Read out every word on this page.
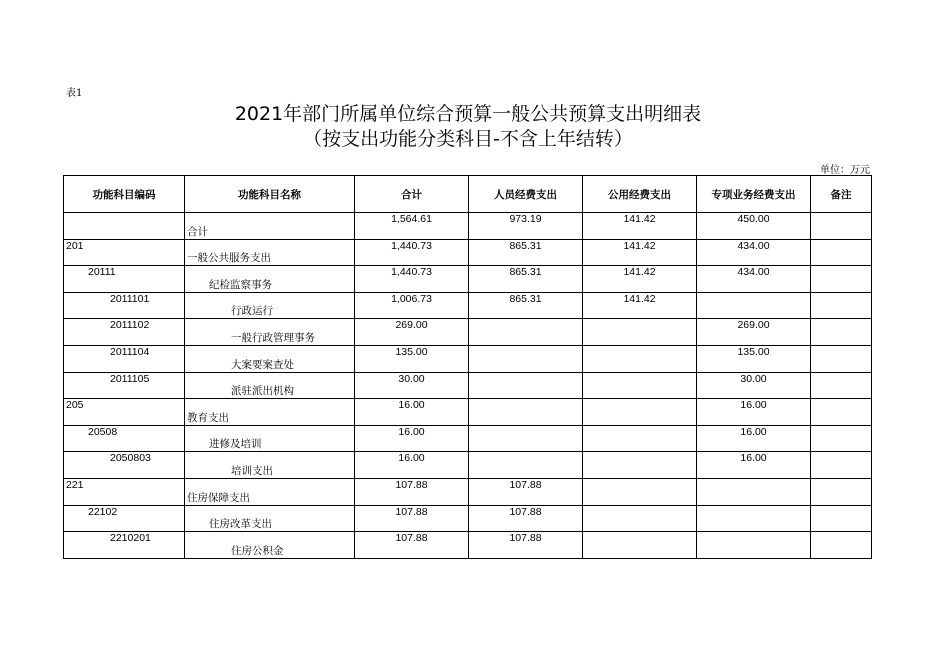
表1
2021年部门所属单位综合预算一般公共预算支出明细表
（按支出功能分类科目-不含上年结转）
单位：万元
功能科目编码	功能科目名称	合计	人员经费支出	公用经费支出	专项业务经费支出	备注
	合计	1,564.61	973.19	141.42	450.00	
201	一般公共服务支出	1,440.73	865.31	141.42	434.00	
20111	纪检监察事务	1,440.73	865.31	141.42	434.00	
2011101	行政运行	1,006.73	865.31	141.42		
2011102	一般行政管理事务	269.00			269.00	
2011104	大案要案查处	135.00			135.00	
2011105	派驻派出机构	30.00			30.00	
205	教育支出	16.00			16.00	
20508	进修及培训	16.00			16.00	
2050803	培训支出	16.00			16.00	
221	住房保障支出	107.88	107.88			
22102	住房改革支出	107.88	107.88			
2210201	住房公积金	107.88	107.88			
